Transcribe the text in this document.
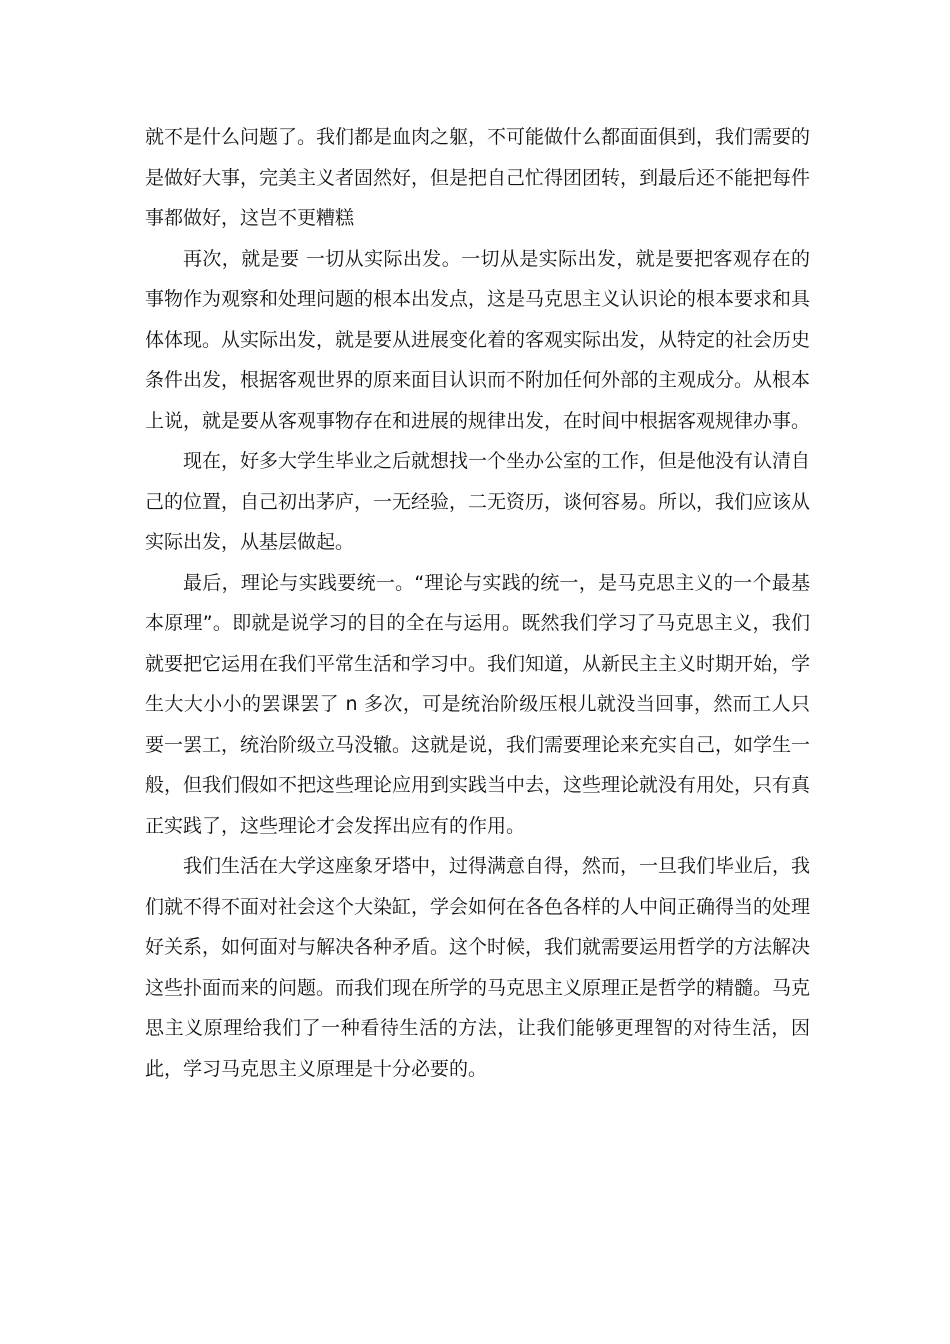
就不是什么问题了。我们都是血肉之躯，不可能做什么都面面俱到，我们需要的是做好大事，完美主义者固然好，但是把自己忙得团团转，到最后还不能把每件事都做好，这岂不更糟糕

再次，就是要 一切从实际出发。一切从是实际出发，就是要把客观存在的事物作为观察和处理问题的根本出发点，这是马克思主义认识论的根本要求和具体体现。从实际出发，就是要从进展变化着的客观实际出发，从特定的社会历史条件出发，根据客观世界的原来面目认识而不附加任何外部的主观成分。从根本上说，就是要从客观事物存在和进展的规律出发，在时间中根据客观规律办事。

现在，好多大学生毕业之后就想找一个坐办公室的工作，但是他没有认清自己的位置，自己初出茅庐，一无经验，二无资历，谈何容易。所以，我们应该从实际出发，从基层做起。

最后，理论与实践要统一。“理论与实践的统一，是马克思主义的一个最基本原理”。即就是说学习的目的全在与运用。既然我们学习了马克思主义，我们就要把它运用在我们平常生活和学习中。我们知道，从新民主主义时期开始，学生大大小小的罢课罢了 n 多次，可是统治阶级压根儿就没当回事，然而工人只要一罢工，统治阶级立马没辙。这就是说，我们需要理论来充实自己，如学生一般，但我们假如不把这些理论应用到实践当中去，这些理论就没有用处，只有真正实践了，这些理论才会发挥出应有的作用。

我们生活在大学这座象牙塔中，过得满意自得，然而，一旦我们毕业后，我们就不得不面对社会这个大染缸，学会如何在各色各样的人中间正确得当的处理好关系，如何面对与解决各种矛盾。这个时候，我们就需要运用哲学的方法解决这些扑面而来的问题。而我们现在所学的马克思主义原理正是哲学的精髓。马克思主义原理给我们了一种看待生活的方法，让我们能够更理智的对待生活，因此，学习马克思主义原理是十分必要的。
